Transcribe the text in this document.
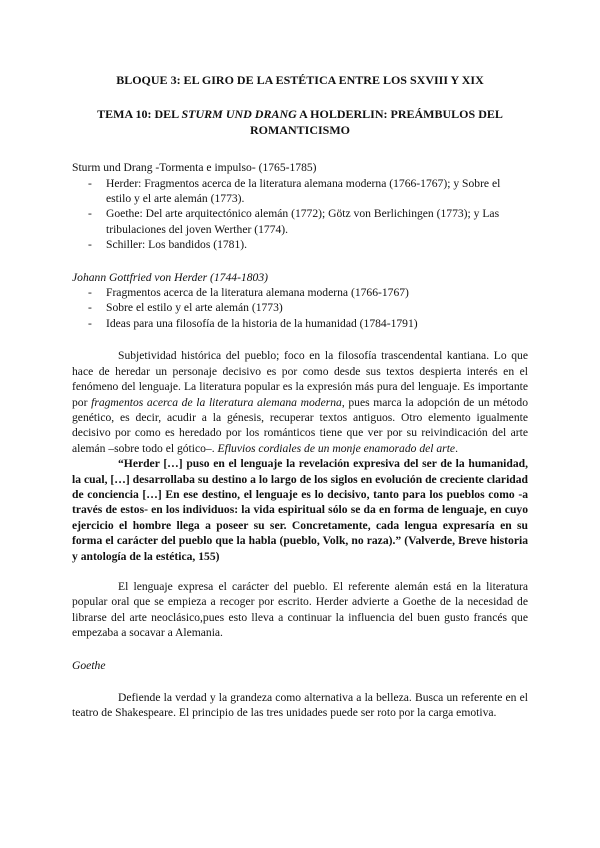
BLOQUE 3: EL GIRO DE LA ESTÉTICA ENTRE LOS SXVIII Y XIX

TEMA 10: DEL STURM UND DRANG A HOLDERLIN: PREÁMBULOS DEL ROMANTICISMO

Sturm und Drang -Tormenta e impulso- (1765-1785)

- Herder: Fragmentos acerca de la literatura alemana moderna (1766-1767); y Sobre el estilo y el arte alemán (1773).
- Goethe: Del arte arquitectónico alemán (1772); Götz von Berlichingen (1773); y Las tribulaciones del joven Werther (1774).
- Schiller: Los bandidos (1781).

Johann Gottfried von Herder (1744-1803)

- Fragmentos acerca de la literatura alemana moderna (1766-1767)
- Sobre el estilo y el arte alemán (1773)
- Ideas para una filosofía de la historia de la humanidad (1784-1791)

Subjetividad histórica del pueblo; foco en la filosofía trascendental kantiana. Lo que hace de heredar un personaje decisivo es por como desde sus textos despierta interés en el fenómeno del lenguaje. La literatura popular es la expresión más pura del lenguaje. Es importante por fragmentos acerca de la literatura alemana moderna, pues marca la adopción de un método genético, es decir, acudir a la génesis, recuperar textos antiguos. Otro elemento igualmente decisivo por como es heredado por los románticos tiene que ver por su reivindicación del arte alemán –sobre todo el gótico–. Efluvios cordiales de un monje enamorado del arte.

“Herder […] puso en el lenguaje la revelación expresiva del ser de la humanidad, la cual, […] desarrollaba su destino a lo largo de los siglos en evolución de creciente claridad de conciencia […] En ese destino, el lenguaje es lo decisivo, tanto para los pueblos como -a través de estos- en los individuos: la vida espiritual sólo se da en forma de lenguaje, en cuyo ejercicio el hombre llega a poseer su ser. Concretamente, cada lengua expresaría en su forma el carácter del pueblo que la habla (pueblo, Volk, no raza).” (Valverde, Breve historia y antología de la estética, 155)

El lenguaje expresa el carácter del pueblo. El referente alemán está en la literatura popular oral que se empieza a recoger por escrito. Herder advierte a Goethe de la necesidad de librarse del arte neoclásico,pues esto lleva a continuar la influencia del buen gusto francés que empezaba a socavar a Alemania.

Goethe

Defiende la verdad y la grandeza como alternativa a la belleza. Busca un referente en el teatro de Shakespeare. El principio de las tres unidades puede ser roto por la carga emotiva.
